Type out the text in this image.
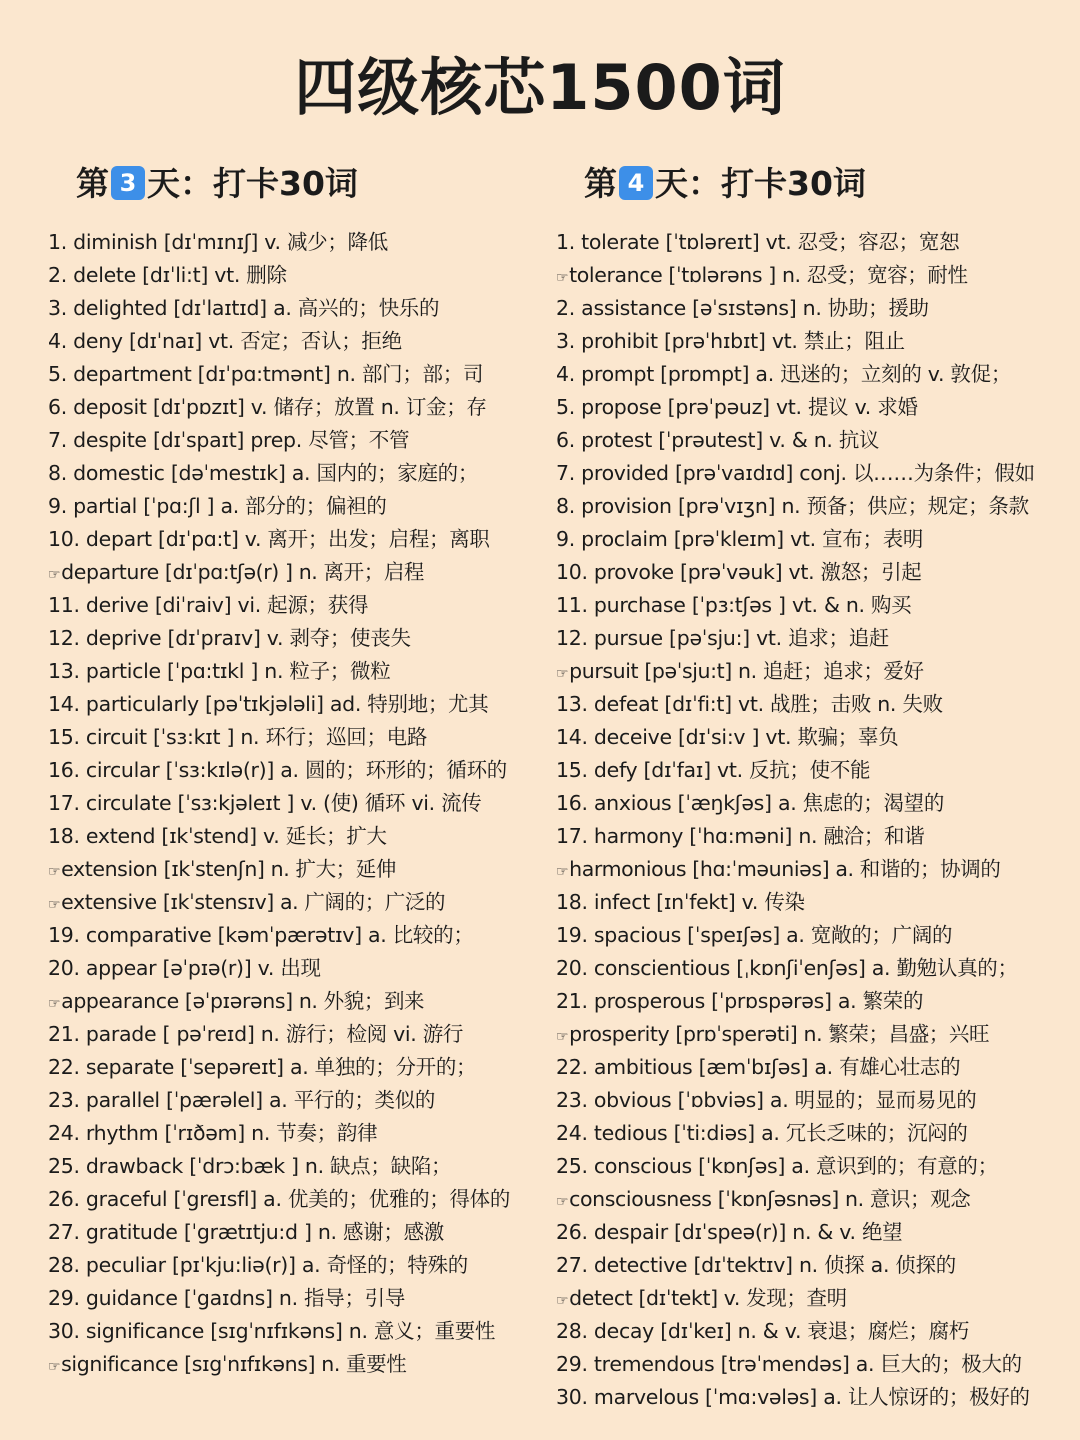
四级核芯1500词
第 3 天：打卡30词
1. diminish [dɪˈmɪnɪʃ] v. 减少；降低
2. delete [dɪˈli:t] vt. 删除
3. delighted [dɪˈlaɪtɪd] a. 高兴的；快乐的
4. deny [dɪˈnaɪ] vt. 否定；否认；拒绝
5. department [dɪˈpɑ:tmənt] n. 部门；部；司
6. deposit [dɪˈpɒzɪt] v. 储存；放置 n. 订金；存
7. despite [dɪˈspaɪt] prep. 尽管；不管
8. domestic [dəˈmestɪk] a. 国内的；家庭的；
9. partial [ˈpɑ:ʃl ] a. 部分的；偏袒的
10. depart [dɪˈpɑ:t] v. 离开；出发；启程；离职
☞departure [dɪˈpɑ:tʃə(r) ] n. 离开；启程
11. derive [diˈraiv] vi. 起源；获得
12. deprive [dɪˈpraɪv] v. 剥夺；使丧失
13. particle [ˈpɑ:tɪkl ] n. 粒子；微粒
14. particularly [pəˈtɪkjələli] ad. 特别地；尤其
15. circuit [ˈsɜ:kɪt ] n. 环行；巡回；电路
16. circular [ˈsɜ:kɪlə(r)] a. 圆的；环形的；循环的
17. circulate [ˈsɜ:kjəleɪt ] v. (使) 循环 vi. 流传
18. extend [ɪkˈstend] v. 延长；扩大
☞extension [ɪkˈstenʃn] n. 扩大；延伸
☞extensive [ɪkˈstensɪv] a. 广阔的；广泛的
19. comparative [kəmˈpærətɪv] a. 比较的；
20. appear [əˈpɪə(r)] v. 出现
☞appearance [əˈpɪərəns] n. 外貌；到来
21. parade [ pəˈreɪd] n. 游行；检阅 vi. 游行
22. separate [ˈsepəreɪt] a. 单独的；分开的；
23. parallel [ˈpærəlel] a. 平行的；类似的
24. rhythm [ˈrɪðəm] n. 节奏；韵律
25. drawback [ˈdrɔ:bæk ] n. 缺点；缺陷；
26. graceful [ˈgreɪsfl] a. 优美的；优雅的；得体的
27. gratitude [ˈgrætɪtju:d ] n. 感谢；感激
28. peculiar [pɪˈkju:liə(r)] a. 奇怪的；特殊的
29. guidance [ˈgaɪdns] n. 指导；引导
30. significance [sɪgˈnɪfɪkəns] n. 意义；重要性
☞significance [sɪgˈnɪfɪkəns] n. 重要性
第 4 天：打卡30词
1. tolerate [ˈtɒləreɪt] vt. 忍受；容忍；宽恕
☞tolerance [ˈtɒlərəns ] n. 忍受；宽容；耐性
2. assistance [əˈsɪstəns] n. 协助；援助
3. prohibit [prəˈhɪbɪt] vt. 禁止；阻止
4. prompt [prɒmpt] a. 迅迷的；立刻的 v. 敦促；
5. propose [prəˈpəuz] vt. 提议 v. 求婚
6. protest [ˈprəutest] v. & n. 抗议
7. provided [prəˈvaɪdɪd] conj. 以……为条件；假如
8. provision [prəˈvɪʒn] n. 预备；供应；规定；条款
9. proclaim [prəˈkleɪm] vt. 宣布；表明
10. provoke [prəˈvəuk] vt. 激怒；引起
11. purchase [ˈpɜ:tʃəs ] vt. & n. 购买
12. pursue [pəˈsju:] vt. 追求；追赶
☞pursuit [pəˈsju:t] n. 追赶；追求；爱好
13. defeat [dɪˈfi:t] vt. 战胜；击败 n. 失败
14. deceive [dɪˈsi:v ] vt. 欺骗；辜负
15. defy [dɪˈfaɪ] vt. 反抗；使不能
16. anxious [ˈæŋkʃəs] a. 焦虑的；渴望的
17. harmony [ˈhɑ:məni] n. 融洽；和谐
☞harmonious [hɑ:ˈməuniəs] a. 和谐的；协调的
18. infect [ɪnˈfekt] v. 传染
19. spacious [ˈspeɪʃəs] a. 宽敞的；广阔的
20. conscientious [ˌkɒnʃiˈenʃəs] a. 勤勉认真的；
21. prosperous [ˈprɒspərəs] a. 繁荣的
☞prosperity [prɒˈsperəti] n. 繁荣；昌盛；兴旺
22. ambitious [æmˈbɪʃəs] a. 有雄心壮志的
23. obvious [ˈɒbviəs] a. 明显的；显而易见的
24. tedious [ˈti:diəs] a. 冗长乏味的；沉闷的
25. conscious [ˈkɒnʃəs] a. 意识到的；有意的；
☞consciousness [ˈkɒnʃəsnəs] n. 意识；观念
26. despair [dɪˈspeə(r)] n. & v. 绝望
27. detective [dɪˈtektɪv] n. 侦探 a. 侦探的
☞detect [dɪˈtekt] v. 发现；查明
28. decay [dɪˈkeɪ] n. & v. 衰退；腐烂；腐朽
29. tremendous [trəˈmendəs] a. 巨大的；极大的
30. marvelous [ˈmɑ:vələs] a. 让人惊讶的；极好的
